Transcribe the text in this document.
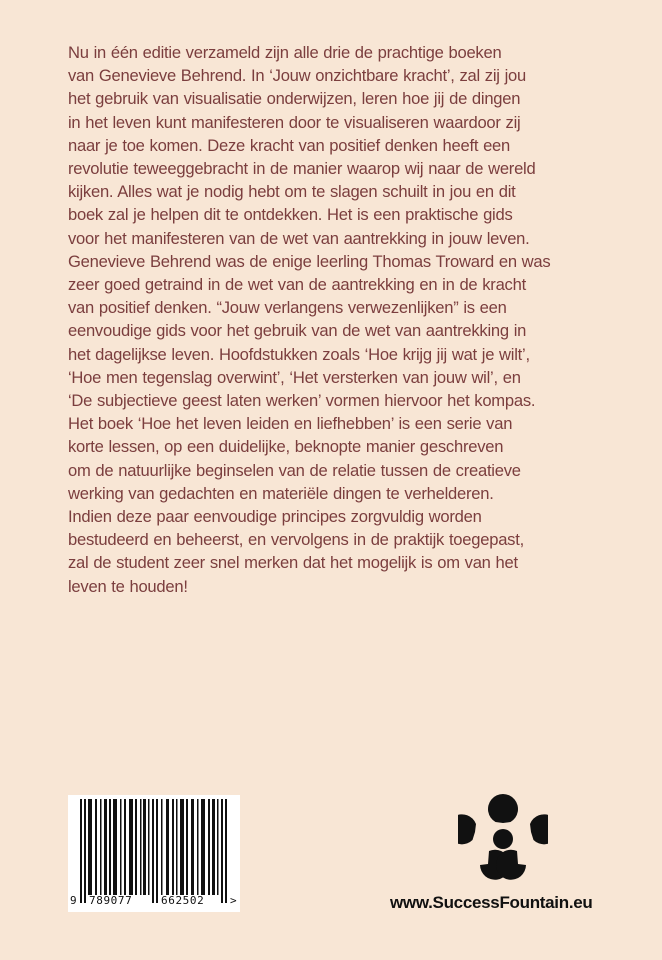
Nu in één editie verzameld zijn alle drie de prachtige boeken
van Genevieve Behrend. In ‘Jouw onzichtbare kracht’, zal zij jou
het gebruik van visualisatie onderwijzen, leren hoe jij de dingen
in het leven kunt manifesteren door te visualiseren waardoor zij
naar je toe komen. Deze kracht van positief denken heeft een
revolutie teweeggebracht in de manier waarop wij naar de wereld
kijken. Alles wat je nodig hebt om te slagen schuilt in jou en dit
boek zal je helpen dit te ontdekken. Het is een praktische gids
voor het manifesteren van de wet van aantrekking in jouw leven.
Genevieve Behrend was de enige leerling Thomas Troward en was
zeer goed getraind in de wet van de aantrekking en in de kracht
van positief denken. “Jouw verlangens verwezenlijken” is een
eenvoudige gids voor het gebruik van de wet van aantrekking in
het dagelijkse leven. Hoofdstukken zoals ‘Hoe krijg jij wat je wilt’,
‘Hoe men tegenslag overwint’, ‘Het versterken van jouw wil’, en
‘De subjectieve geest laten werken’ vormen hiervoor het kompas.
Het boek ‘Hoe het leven leiden en liefhebben’ is een serie van
korte lessen, op een duidelijke, beknopte manier geschreven
om de natuurlijke beginselen van de relatie tussen de creatieve
werking van gedachten en materiële dingen te verhelderen.
Indien deze paar eenvoudige principes zorgvuldig worden
bestudeerd en beheerst, en vervolgens in de praktijk toegepast,
zal de student zeer snel merken dat het mogelijk is om van het
leven te houden!
9 789077	662502 >	www.SuccessFountain.eu
